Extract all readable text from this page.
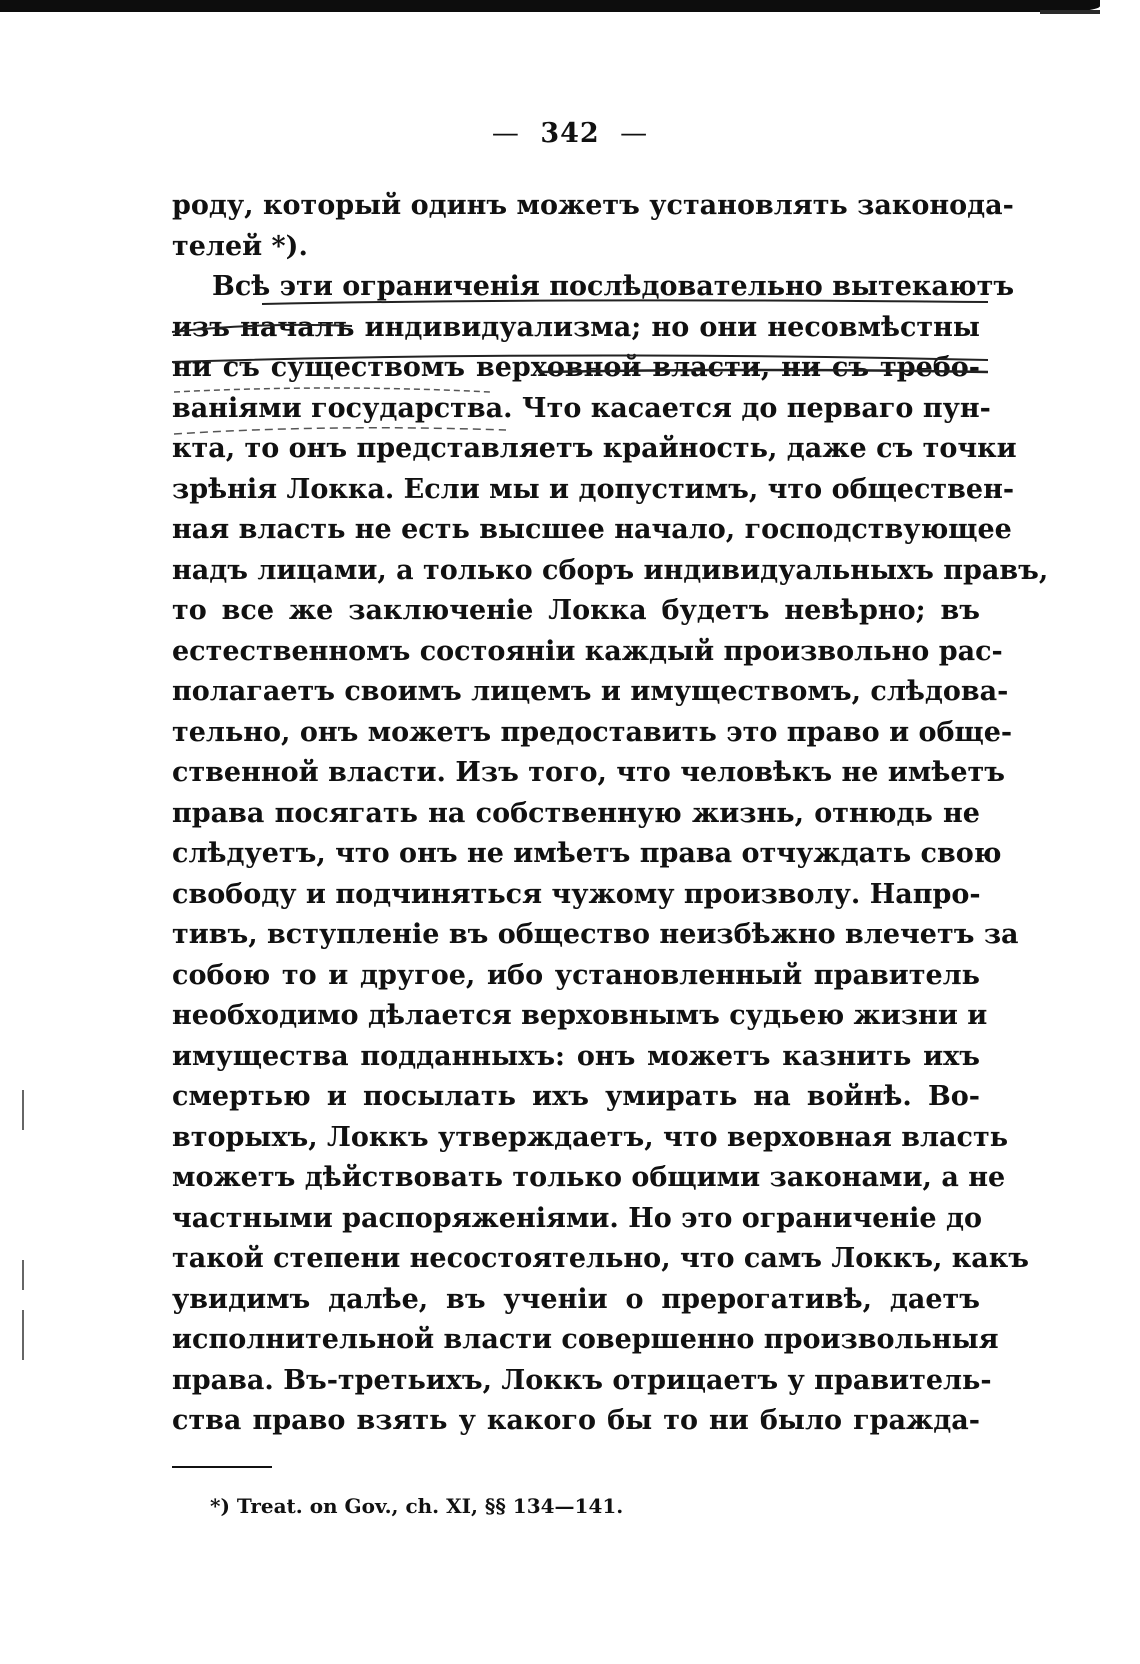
— 342 —
роду, который одинъ можетъ установлять законода-
телей *).
Всѣ эти ограниченія послѣдовательно вытекаютъ
изъ началъ индивидуализма; но они несовмѣстны
ни съ существомъ верховной власти, ни съ требо-
ваніями государства. Что касается до перваго пун-
кта, то онъ представляетъ крайность, даже съ точки
зрѣнія Локка. Если мы и допустимъ, что обществен-
ная власть не есть высшее начало, господствующее
надъ лицами, а только сборъ индивидуальныхъ правъ,
то все же заключеніе Локка будетъ невѣрно; въ
естественномъ состояніи каждый произвольно рас-
полагаетъ своимъ лицемъ и имуществомъ, слѣдова-
тельно, онъ можетъ предоставить это право и обще-
ственной власти. Изъ того, что человѣкъ не имѣетъ
права посягать на собственную жизнь, отнюдь не
слѣдуетъ, что онъ не имѣетъ права отчуждать свою
свободу и подчиняться чужому произволу. Напро-
тивъ, вступленіе въ общество неизбѣжно влечетъ за
собою то и другое, ибо установленный правитель
необходимо дѣлается верховнымъ судьею жизни и
имущества подданныхъ: онъ можетъ казнить ихъ
смертью и посылать ихъ умирать на войнѣ. Во-
вторыхъ, Локкъ утверждаетъ, что верховная власть
можетъ дѣйствовать только общими законами, а не
частными распоряженіями. Но это ограниченіе до
такой степени несостоятельно, что самъ Локкъ, какъ
увидимъ далѣе, въ ученіи о прерогативѣ, даетъ
исполнительной власти совершенно произвольныя
права. Въ-третьихъ, Локкъ отрицаетъ у правитель-
ства право взять у какого бы то ни было гражда-
*) Treat. on Gov., ch. XI, §§ 134—141.
